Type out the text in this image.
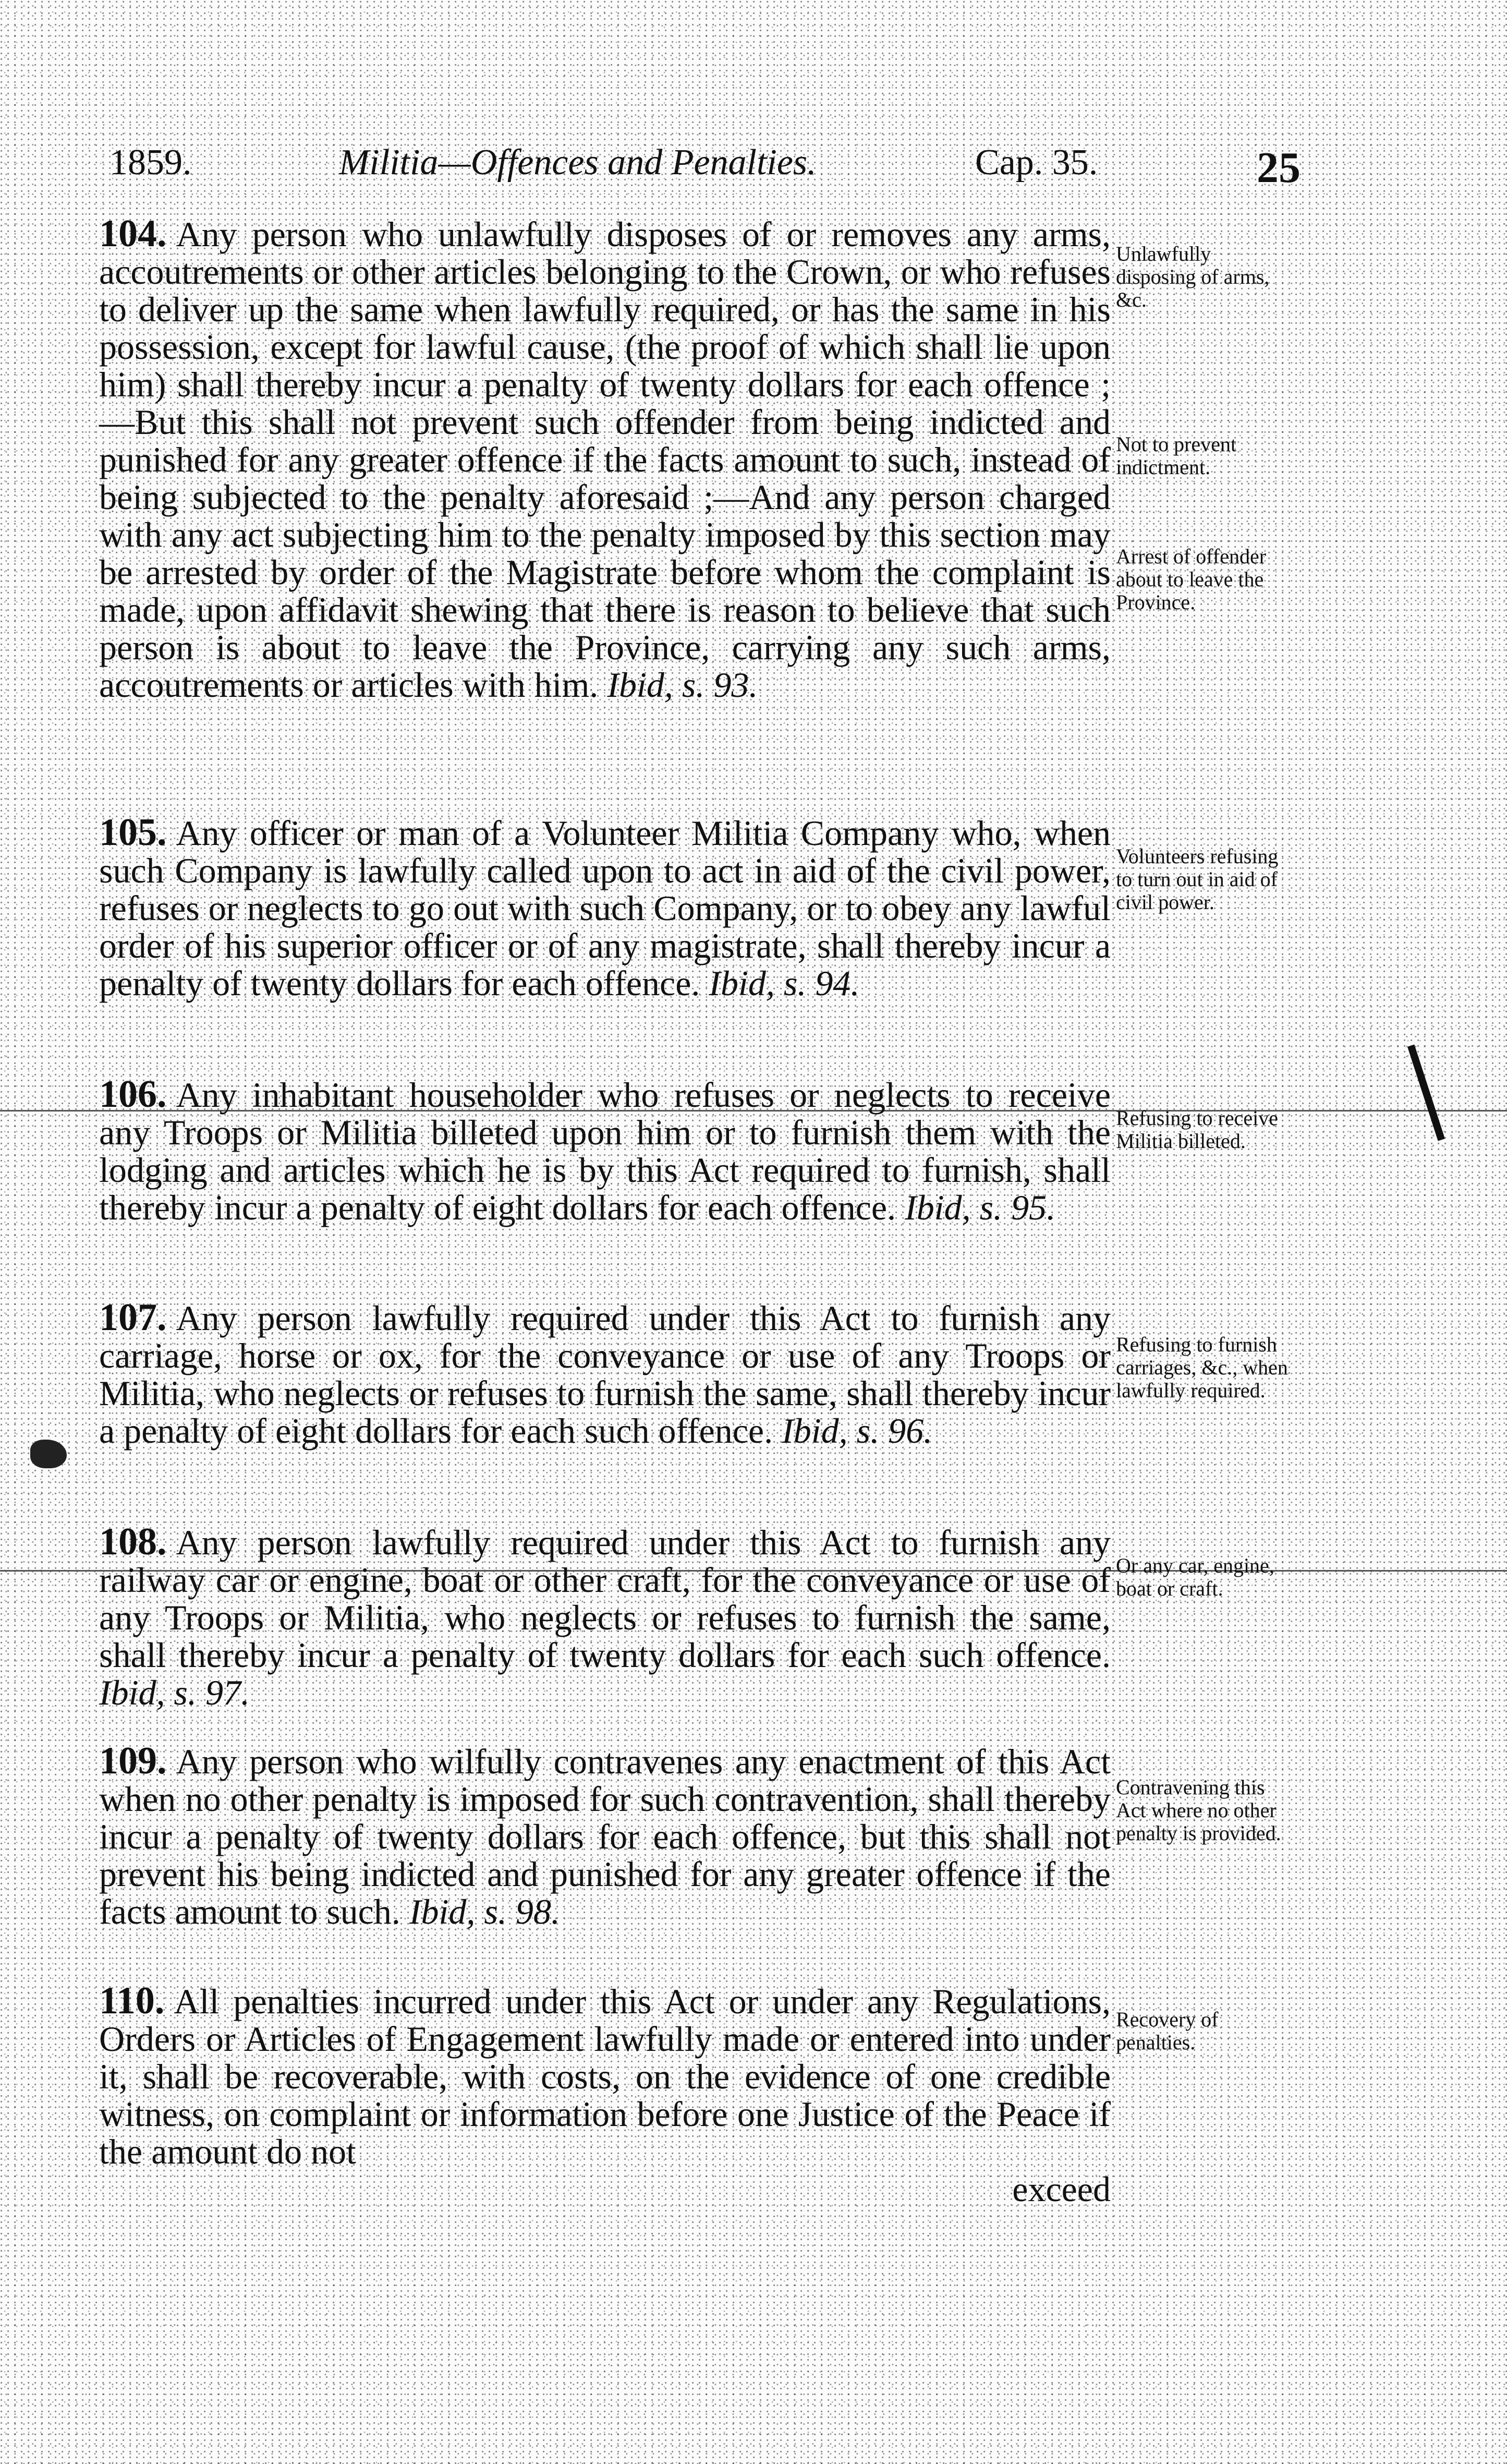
1859.	Militia—Offences and Penalties.	Cap. 35.	25
104. Any person who unlawfully disposes of or removes any arms, accoutrements or other articles belonging to the Crown, or who refuses to deliver up the same when lawfully required, or has the same in his possession, except for lawful cause, (the proof of which shall lie upon him) shall thereby incur a penalty of twenty dollars for each offence ;—But this shall not prevent such offender from being indicted and punished for any greater offence if the facts amount to such, instead of being subjected to the penalty aforesaid ;—And any person charged with any act subjecting him to the penalty imposed by this section may be arrested by order of the Magistrate before whom the complaint is made, upon affidavit shewing that there is reason to believe that such person is about to leave the Province, carrying any such arms, accoutrements or articles with him. Ibid, s. 93.
Unlawfully disposing of arms, &c.
Not to prevent indictment.
Arrest of offender about to leave the Province.
105. Any officer or man of a Volunteer Militia Company who, when such Company is lawfully called upon to act in aid of the civil power, refuses or neglects to go out with such Company, or to obey any lawful order of his superior officer or of any magistrate, shall thereby incur a penalty of twenty dollars for each offence. Ibid, s. 94.
Volunteers refusing to turn out in aid of civil power.
106. Any inhabitant householder who refuses or neglects to receive any Troops or Militia billeted upon him or to furnish them with the lodging and articles which he is by this Act required to furnish, shall thereby incur a penalty of eight dollars for each offence. Ibid, s. 95.
Refusing to receive Militia billeted.
107. Any person lawfully required under this Act to furnish any carriage, horse or ox, for the conveyance or use of any Troops or Militia, who neglects or refuses to furnish the same, shall thereby incur a penalty of eight dollars for each such offence. Ibid, s. 96.
Refusing to furnish carriages, &c., when lawfully required.
108. Any person lawfully required under this Act to furnish any railway car or engine, boat or other craft, for the conveyance or use of any Troops or Militia, who neglects or refuses to furnish the same, shall thereby incur a penalty of twenty dollars for each such offence. Ibid, s. 97.
Or any car, engine, boat or craft.
109. Any person who wilfully contravenes any enactment of this Act when no other penalty is imposed for such contravention, shall thereby incur a penalty of twenty dollars for each offence, but this shall not prevent his being indicted and punished for any greater offence if the facts amount to such. Ibid, s. 98.
Contravening this Act where no other penalty is provided.
110. All penalties incurred under this Act or under any Regulations, Orders or Articles of Engagement lawfully made or entered into under it, shall be recoverable, with costs, on the evidence of one credible witness, on complaint or information before one Justice of the Peace if the amount do not
exceed
Recovery of penalties.
